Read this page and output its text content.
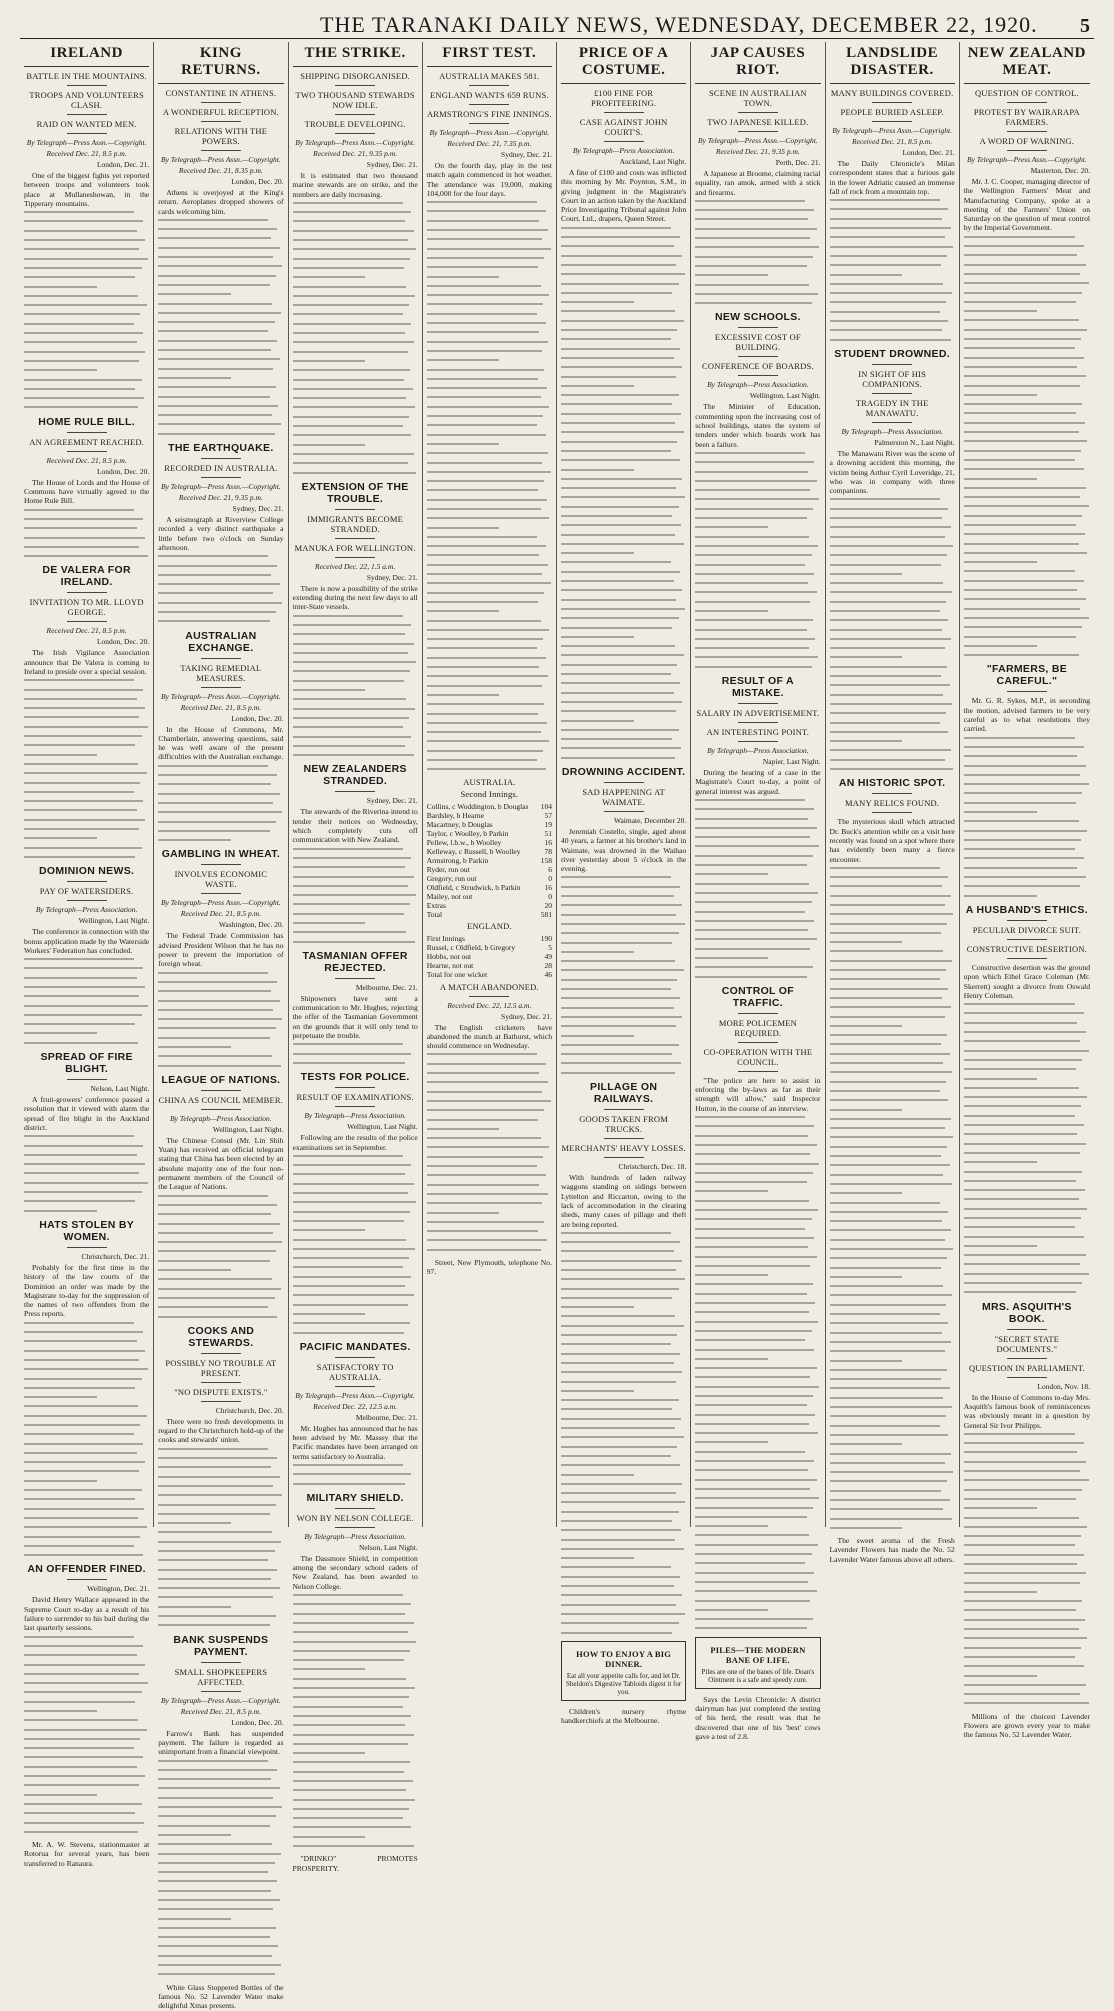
THE TARANAKI DAILY NEWS, WEDNESDAY, DECEMBER 22, 1920. 5
IRELAND
BATTLE IN THE MOUNTAINS.
TROOPS AND VOLUNTEERS CLASH.
RAID ON WANTED MEN.
By Telegraph—Press Assn.—Copyright.
Received Dec. 21, 8.5 p.m.
London, Dec. 21.

One of the biggest fights yet reported between troops and volunteers took place at Mullaneshowan, in the Tipperary mountains.

HOME RULE BILL.
AN AGREEMENT REACHED.
Received Dec. 21, 8.5 p.m.
London, Dec. 20.

The House of Lords and the House of Commons have virtually agreed to the Home Rule Bill.

DE VALERA FOR IRELAND.
INVITATION TO MR. LLOYD GEORGE.
Received Dec. 21, 8.5 p.m.
London, Dec. 20.

The Irish Vigilance Association announce that De Valera is coming to Ireland to preside over a special session.

DOMINION NEWS.
PAY OF WATERSIDERS.
By Telegraph—Press Association.
Wellington, Last Night.

The conference in connection with the bonus application made by the Waterside Workers' Federation has concluded.

SPREAD OF FIRE BLIGHT.
Nelson, Last Night.

A fruit-growers' conference passed a resolution that it viewed with alarm the spread of fire blight in the Auckland district.

HATS STOLEN BY WOMEN.
Christchurch, Dec. 21.

Probably for the first time in the history of the law courts of the Dominion an order was made by the Magistrate to-day for the suppression of the names of two offenders from the Press reports.

AN OFFENDER FINED.
Wellington, Dec. 21.

David Henry Wallace appeared in the Supreme Court to-day as a result of his failure to surrender to his bail during the last quarterly sessions.

Mr. A. W. Stevens, stationmaster at Rotorua for several years, has been transferred to Ranaura.

KING RETURNS.
CONSTANTINE IN ATHENS.
A WONDERFUL RECEPTION.
RELATIONS WITH THE POWERS.
By Telegraph—Press Assn.—Copyright.
Received Dec. 21, 8.35 p.m.
London, Dec. 20.

Athens is overjoyed at the King's return. Aeroplanes dropped showers of cards welcoming him.

THE EARTHQUAKE.
RECORDED IN AUSTRALIA.
By Telegraph—Press Assn.—Copyright.
Received Dec. 21, 9.35 p.m.
Sydney, Dec. 21.

A seismograph at Riverview College recorded a very distinct earthquake a little before two o'clock on Sunday afternoon.

AUSTRALIAN EXCHANGE.
TAKING REMEDIAL MEASURES.
By Telegraph—Press Assn.—Copyright.
Received Dec. 21, 8.5 p.m.
London, Dec. 20.

In the House of Commons, Mr. Chamberlain, answering questions, said he was well aware of the present difficulties with the Australian exchange.

GAMBLING IN WHEAT.
INVOLVES ECONOMIC WASTE.
By Telegraph—Press Assn.—Copyright.
Received Dec. 21, 8.5 p.m.
Washington, Dec. 20.

The Federal Trade Commission has advised President Wilson that he has no power to prevent the importation of foreign wheat.

LEAGUE OF NATIONS.
CHINA AS COUNCIL MEMBER.
By Telegraph—Press Association.
Wellington, Last Night.

The Chinese Consul (Mr. Lin Shih Yuan) has received an official telegram stating that China has been elected by an absolute majority one of the four non-permanent members of the Council of the League of Nations.

COOKS AND STEWARDS.
POSSIBLY NO TROUBLE AT PRESENT.
"NO DISPUTE EXISTS."
Christchurch, Dec. 20.

There were no fresh developments in regard to the Christchurch hold-up of the cooks and stewards' union.

BANK SUSPENDS PAYMENT.
SMALL SHOPKEEPERS AFFECTED.
By Telegraph—Press Assn.—Copyright.
Received Dec. 21, 8.5 p.m.
London, Dec. 20.

Farrow's Bank has suspended payment. The failure is regarded as unimportant from a financial viewpoint.

White Glass Stoppered Bottles of the famous No. 52 Lavender Water make delightful Xmas presents.

THE STRIKE.
SHIPPING DISORGANISED.
TWO THOUSAND STEWARDS NOW IDLE.
TROUBLE DEVELOPING.
By Telegraph—Press Assn.—Copyright.
Received Dec. 21, 9.35 p.m.
Sydney, Dec. 21.

It is estimated that two thousand marine stewards are on strike, and the numbers are daily increasing.

EXTENSION OF THE TROUBLE.
IMMIGRANTS BECOME STRANDED.
MANUKA FOR WELLINGTON.
Received Dec. 22, 1.5 a.m.
Sydney, Dec. 21.

There is now a possibility of the strike extending during the next few days to all inter-State vessels.

NEW ZEALANDERS STRANDED.
Sydney, Dec. 21.

The stewards of the Riverina intend to tender their notices on Wednesday, which completely cuts off communication with New Zealand.

TASMANIAN OFFER REJECTED.
Melbourne, Dec. 21.

Shipowners have sent a communication to Mr. Hughes, rejecting the offer of the Tasmanian Government on the grounds that it will only tend to perpetuate the trouble.

TESTS FOR POLICE.
RESULT OF EXAMINATIONS.
By Telegraph—Press Association.
Wellington, Last Night.

Following are the results of the police examinations set in September.

PACIFIC MANDATES.
SATISFACTORY TO AUSTRALIA.
By Telegraph—Press Assn.—Copyright.
Received Dec. 22, 12.5 a.m.
Melbourne, Dec. 21.

Mr. Hughes has announced that he has been advised by Mr. Massey that the Pacific mandates have been arranged on terms satisfactory to Australia.

MILITARY SHIELD.
WON BY NELSON COLLEGE.
By Telegraph—Press Association.
Nelson, Last Night.

The Dassmore Shield, in competition among the secondary school cadets of New Zealand, has been awarded to Nelson College.

"DRINKO" PROMOTES PROSPERITY.

FIRST TEST.
AUSTRALIA MAKES 581.
ENGLAND WANTS 659 RUNS.
ARMSTRONG'S FINE INNINGS.
By Telegraph—Press Assn.—Copyright.
Received Dec. 21, 7.35 p.m.
Sydney, Dec. 21.

On the fourth day, play in the test match again commenced in hot weather. The attendance was 19,000, making 104,000 for the four days.

AUSTRALIA.
Second Innings.
Collins, c Woddington, b Douglas 104
Bardsley, b Hearne	57
Macartney, b Douglas	19
Taylor, c Woolley, b Parkin	51
Pellew, l.b.w., b Woolley	16
Kelleway, c Russell, b Woolley	78
Armstrong, b Parkin	158
Ryder, run out	6
Gregory, run out	0
Oldfield, c Strudwick, b Parkin	16
Mailey, not out	0
Extras	20
Total	581
ENGLAND.
First Innings	190
Russel, c Oldfield, b Gregory	5
Hobbs, not out	49
Hearne, not out	28
Total for one wicket	46
A MATCH ABANDONED.
Received Dec. 22, 12.5 a.m.
Sydney, Dec. 21.

The English cricketers have abandoned the match at Bathurst, which should commence on Wednesday.

Street, New Plymouth, telephone No. 97.

PRICE OF A COSTUME.
£100 FINE FOR PROFITEERING.
CASE AGAINST JOHN COURT'S.
By Telegraph—Press Association.
Auckland, Last Night.

A fine of £100 and costs was inflicted this morning by Mr. Poynton, S.M., in giving judgment in the Magistrate's Court in an action taken by the Auckland Price Investigating Tribunal against John Court, Ltd., drapers, Queen Street.

DROWNING ACCIDENT.
SAD HAPPENING AT WAIMATE.
Waimate, December 20.

Jeremiah Costello, single, aged about 40 years, a farmer at his brother's land in Waimate, was drowned in the Waihao river yesterday about 5 o'clock in the evening.

PILLAGE ON RAILWAYS.
GOODS TAKEN FROM TRUCKS.
MERCHANTS' HEAVY LOSSES.
Christchurch, Dec. 18.

With hundreds of laden railway waggons standing on sidings between Lyttelton and Riccarton, owing to the lack of accommodation in the clearing sheds, many cases of pillage and theft are being reported.

HOW TO ENJOY A BIG DINNER.
Eat all your appetite calls for, and let Dr. Sheldon's Digestive Tabloids digest it for you.

Children's nursery rhyme handkerchiefs at the Melbourne.

JAP CAUSES RIOT.
SCENE IN AUSTRALIAN TOWN.
TWO JAPANESE KILLED.
By Telegraph—Press Assn.—Copyright.
Received Dec. 21, 9.35 p.m.
Perth, Dec. 21.

A Japanese at Broome, claiming racial equality, ran amok, armed with a stick and firearms.

NEW SCHOOLS.
EXCESSIVE COST OF BUILDING.
CONFERENCE OF BOARDS.
By Telegraph—Press Association.
Wellington, Last Night.

The Minister of Education, commenting upon the increasing cost of school buildings, states the system of tenders under which boards work has been a failure.

RESULT OF A MISTAKE.
SALARY IN ADVERTISEMENT.
AN INTERESTING POINT.
By Telegraph—Press Association.
Napier, Last Night.

During the hearing of a case in the Magistrate's Court to-day, a point of general interest was argued.

CONTROL OF TRAFFIC.
MORE POLICEMEN REQUIRED.
CO-OPERATION WITH THE COUNCIL.

"The police are here to assist in enforcing the by-laws as far as their strength will allow," said Inspector Hutton, in the course of an interview.

PILES—THE MODERN BANE OF LIFE.
Piles are one of the banes of life. Doan's Ointment is a safe and speedy cure.

Says the Levin Chronicle: A district dairyman has just completed the testing of his herd, the result was that he discovered that one of his 'best' cows gave a test of 2.8.

LANDSLIDE DISASTER.
MANY BUILDINGS COVERED.
PEOPLE BURIED ASLEEP.
By Telegraph—Press Assn.—Copyright.
Received Dec. 21, 8.5 p.m.
London, Dec. 21.

The Daily Chronicle's Milan correspondent states that a furious gale in the lower Adriatic caused an immense fall of rock from a mountain top.

STUDENT DROWNED.
IN SIGHT OF HIS COMPANIONS.
TRAGEDY IN THE MANAWATU.
By Telegraph—Press Association.
Palmerston N., Last Night.

The Manawatu River was the scene of a drowning accident this morning, the victim being Arthur Cyril Loveridge, 21, who was in company with three companions.

AN HISTORIC SPOT.
MANY RELICS FOUND.

The mysterious skull which attracted Dr. Buck's attention while on a visit here recently was found on a spot where there has evidently been many a fierce encounter.

The sweet aroma of the Fresh Lavender Flowers has made the No. 52 Lavender Water famous above all others.

NEW ZEALAND MEAT.
QUESTION OF CONTROL.
PROTEST BY WAIRARAPA FARMERS.
A WORD OF WARNING.
By Telegraph—Press Assn.—Copyright.
Masterton, Dec. 20.

Mr. J. C. Cooper, managing director of the Wellington Farmers' Meat and Manufacturing Company, spoke at a meeting of the Farmers' Union on Saturday on the question of meat control by the Imperial Government.

"FARMERS, BE CAREFUL."

Mr. G. R. Sykes, M.P., in seconding the motion, advised farmers to be very careful as to what resolutions they carried.

A HUSBAND'S ETHICS.
PECULIAR DIVORCE SUIT.
CONSTRUCTIVE DESERTION.

Constructive desertion was the ground upon which Ethel Grace Coleman (Mr. Skerrett) sought a divorce from Oswald Henry Coleman.

MRS. ASQUITH'S BOOK.
"SECRET STATE DOCUMENTS."
QUESTION IN PARLIAMENT.
London, Nov. 18.

In the House of Commons to-day Mrs. Asquith's famous book of reminiscences was obviously meant in a question by General Sir Ivor Philipps.

Millions of the choicest Lavender Flowers are grown every year to make the famous No. 52 Lavender Water.
